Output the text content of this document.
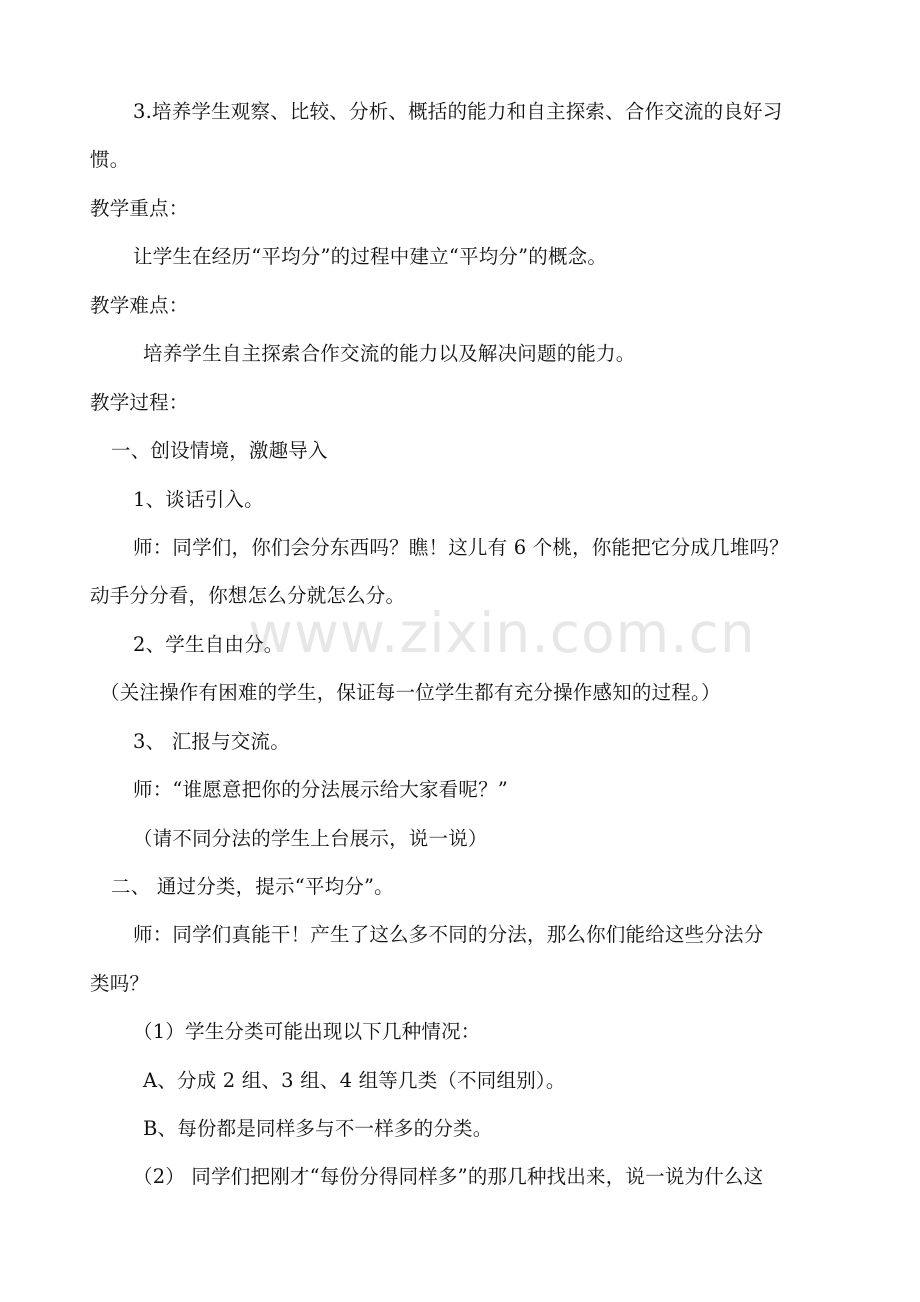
www.zixin.com.cn
3.培养学生观察、比较、分析、概括的能力和自主探索、合作交流的良好习
惯。
教学重点：
让学生在经历“平均分”的过程中建立“平均分”的概念。
教学难点：
培养学生自主探索合作交流的能力以及解决问题的能力。
教学过程：
一、创设情境，激趣导入
1、谈话引入。
师：同学们，你们会分东西吗？瞧！这儿有 6 个桃，你能把它分成几堆吗？
动手分分看，你想怎么分就怎么分。
2、学生自由分。
（关注操作有困难的学生，保证每一位学生都有充分操作感知的过程。）
3、 汇报与交流。
师：“谁愿意把你的分法展示给大家看呢？”
（请不同分法的学生上台展示，说一说）
二、 通过分类，提示“平均分”。
师：同学们真能干！产生了这么多不同的分法，那么你们能给这些分法分
类吗？
（1）学生分类可能出现以下几种情况：
A、分成 2 组、3 组、4 组等几类（不同组别）。
B、每份都是同样多与不一样多的分类。
（2） 同学们把刚才“每份分得同样多”的那几种找出来，说一说为什么这
